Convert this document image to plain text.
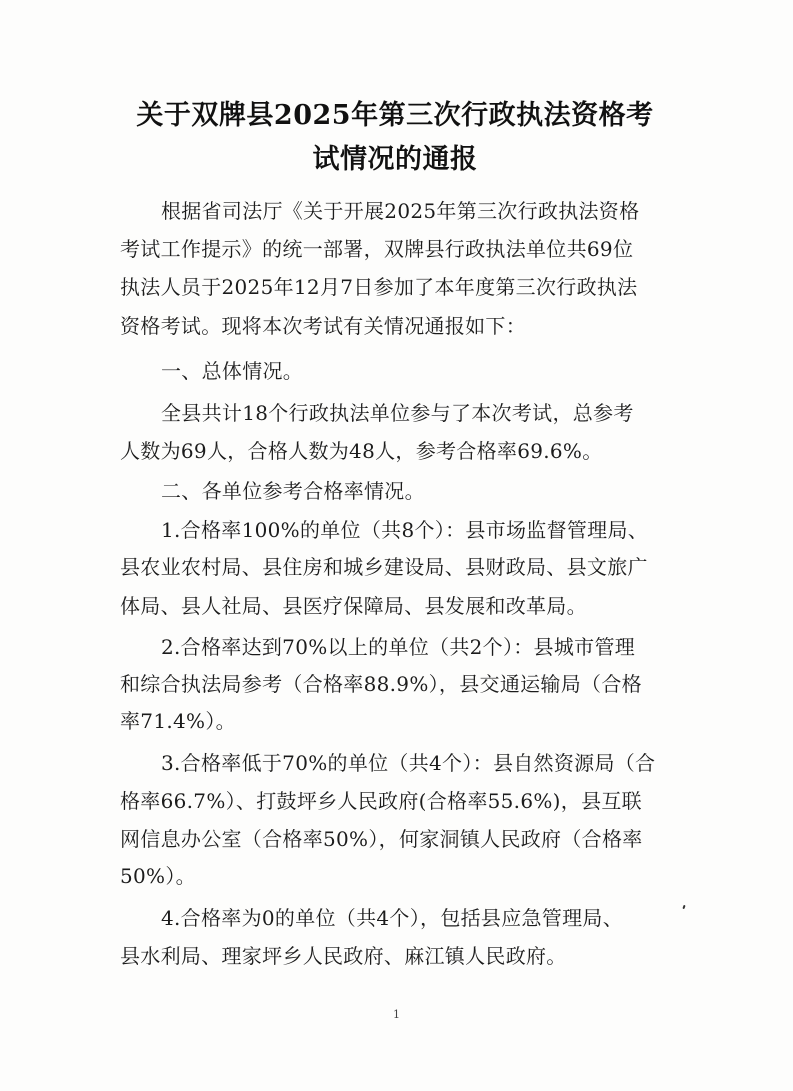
关于双牌县2025年第三次行政执法资格考
试情况的通报

根据省司法厅《关于开展2025年第三次行政执法资格

考试工作提示》的统一部署，双牌县行政执法单位共69位

执法人员于2025年12月7日参加了本年度第三次行政执法

资格考试。现将本次考试有关情况通报如下：

一、总体情况。

全县共计18个行政执法单位参与了本次考试，总参考

人数为69人，合格人数为48人，参考合格率69.6%。

二、各单位参考合格率情况。

1.合格率100%的单位（共8个）：县市场监督管理局、

县农业农村局、县住房和城乡建设局、县财政局、县文旅广

体局、县人社局、县医疗保障局、县发展和改革局。

2.合格率达到70%以上的单位（共2个）：县城市管理

和综合执法局参考（合格率88.9%），县交通运输局（合格

率71.4%）。

3.合格率低于70%的单位（共4个）：县自然资源局（合

格率66.7%）、打鼓坪乡人民政府(合格率55.6%)，县互联

网信息办公室（合格率50%），何家洞镇人民政府（合格率

50%）。

4.合格率为0的单位（共4个），包括县应急管理局、

县水利局、理家坪乡人民政府、麻江镇人民政府。

1
